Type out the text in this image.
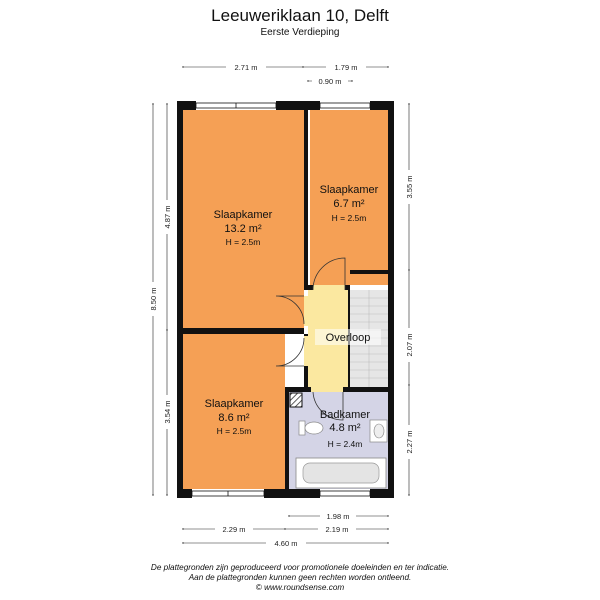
Leeuweriklaan 10, Delft
Eerste Verdieping
2.71 m	1.79 m
0.90 m
4.87 m
3.54 m
8.50 m
3.55 m
2.07 m
2.27 m
Slaapkamer
13.2 m²
H = 2.5m
Slaapkamer
6.7 m²
H = 2.5m
Overloop
Slaapkamer
8.6 m²
H = 2.5m
Badkamer
4.8 m²
H = 2.4m
1.98 m
2.29 m	2.19 m
4.60 m
De plattegronden zijn geproduceerd voor promotionele doeleinden en ter indicatie.
Aan de plattegronden kunnen geen rechten worden ontleend.
© www.roundsense.com
